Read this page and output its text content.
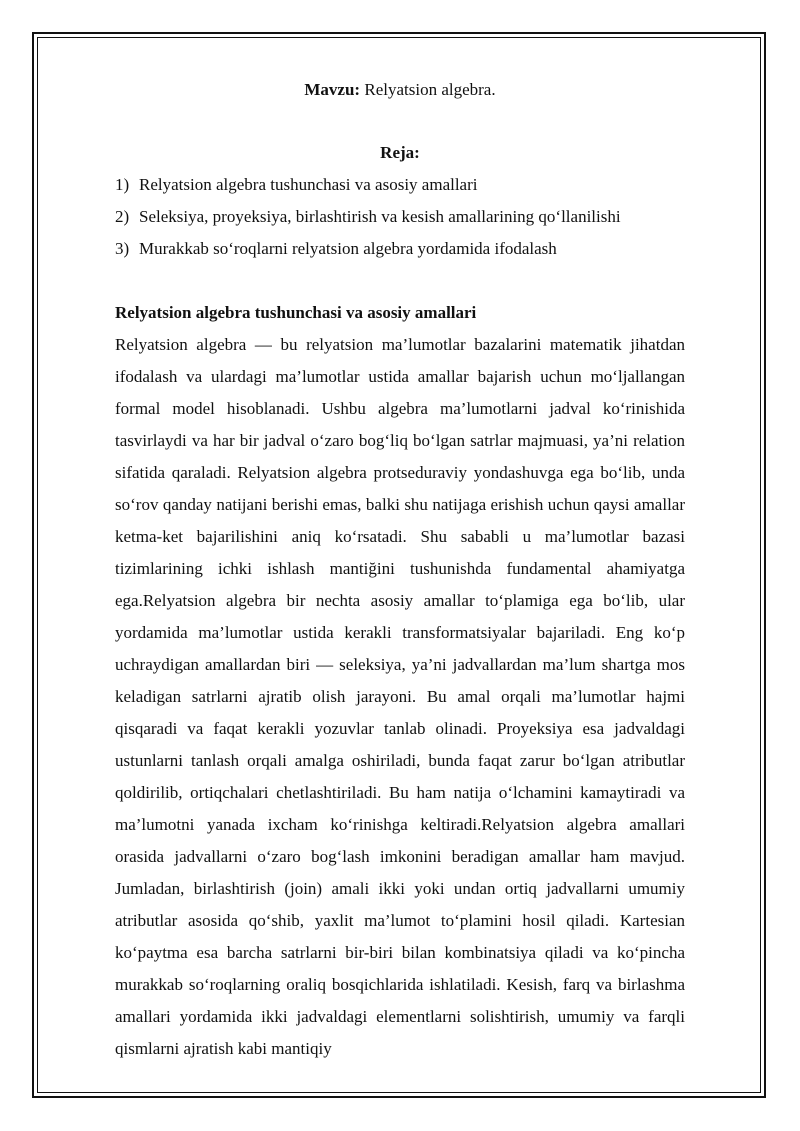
Mavzu: Relyatsion algebra.

Reja:

1) Relyatsion algebra tushunchasi va asosiy amallari
2) Seleksiya, proyeksiya, birlashtirish va kesish amallarining qo‘llanilishi
3) Murakkab so‘roqlarni relyatsion algebra yordamida ifodalash

Relyatsion algebra tushunchasi va asosiy amallari

Relyatsion algebra — bu relyatsion ma’lumotlar bazalarini matematik jihatdan ifodalash va ulardagi ma’lumotlar ustida amallar bajarish uchun mo‘ljallangan formal model hisoblanadi. Ushbu algebra ma’lumotlarni jadval ko‘rinishida tasvirlaydi va har bir jadval o‘zaro bog‘liq bo‘lgan satrlar majmuasi, ya’ni relation sifatida qaraladi. Relyatsion algebra protseduraviy yondashuvga ega bo‘lib, unda so‘rov qanday natijani berishi emas, balki shu natijaga erishish uchun qaysi amallar ketma-ket bajarilishini aniq ko‘rsatadi. Shu sababli u ma’lumotlar bazasi tizimlarining ichki ishlash mantiğini tushunishda fundamental ahamiyatga ega.Relyatsion algebra bir nechta asosiy amallar to‘plamiga ega bo‘lib, ular yordamida ma’lumotlar ustida kerakli transformatsiyalar bajariladi. Eng ko‘p uchraydigan amallardan biri — seleksiya, ya’ni jadvallardan ma’lum shartga mos keladigan satrlarni ajratib olish jarayoni. Bu amal orqali ma’lumotlar hajmi qisqaradi va faqat kerakli yozuvlar tanlab olinadi. Proyeksiya esa jadvaldagi ustunlarni tanlash orqali amalga oshiriladi, bunda faqat zarur bo‘lgan atributlar qoldirilib, ortiqchalari chetlashtiriladi. Bu ham natija o‘lchamini kamaytiradi va ma’lumotni yanada ixcham ko‘rinishga keltiradi.Relyatsion algebra amallari orasida jadvallarni o‘zaro bog‘lash imkonini beradigan amallar ham mavjud. Jumladan, birlashtirish (join) amali ikki yoki undan ortiq jadvallarni umumiy atributlar asosida qo‘shib, yaxlit ma’lumot to‘plamini hosil qiladi. Kartesian ko‘paytma esa barcha satrlarni bir-biri bilan kombinatsiya qiladi va ko‘pincha murakkab so‘roqlarning oraliq bosqichlarida ishlatiladi. Kesish, farq va birlashma amallari yordamida ikki jadvaldagi elementlarni solishtirish, umumiy va farqli qismlarni ajratish kabi mantiqiy
